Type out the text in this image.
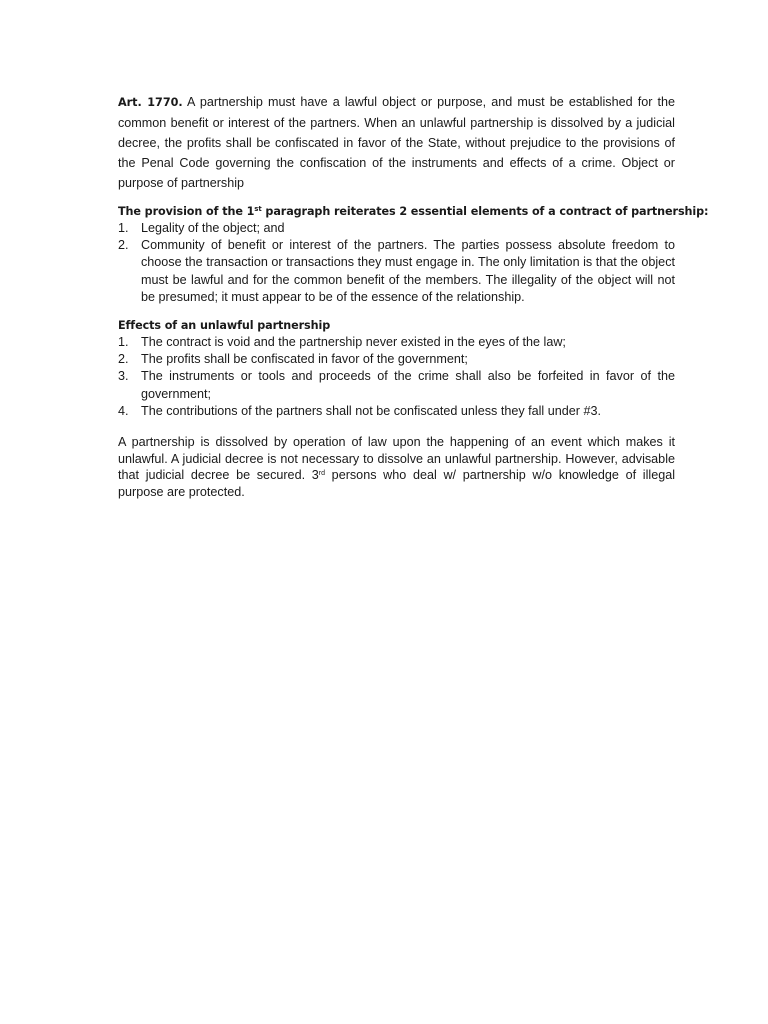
Art. 1770. A partnership must have a lawful object or purpose, and must be established for the common benefit or interest of the partners. When an unlawful partnership is dissolved by a judicial decree, the profits shall be confiscated in favor of the State, without prejudice to the provisions of the Penal Code governing the confiscation of the instruments and effects of a crime. Object or purpose of partnership

The provision of the 1st paragraph reiterates 2 essential elements of a contract of partnership:

1. Legality of the object; and
2. Community of benefit or interest of the partners. The parties possess absolute freedom to choose the transaction or transactions they must engage in. The only limitation is that the object must be lawful and for the common benefit of the members. The illegality of the object will not be presumed; it must appear to be of the essence of the relationship.

Effects of an unlawful partnership

1. The contract is void and the partnership never existed in the eyes of the law;
2. The profits shall be confiscated in favor of the government;
3. The instruments or tools and proceeds of the crime shall also be forfeited in favor of the government;
4. The contributions of the partners shall not be confiscated unless they fall under #3.

A partnership is dissolved by operation of law upon the happening of an event which makes it unlawful. A judicial decree is not necessary to dissolve an unlawful partnership. However, advisable that judicial decree be secured. 3rd persons who deal w/ partnership w/o knowledge of illegal purpose are protected.
